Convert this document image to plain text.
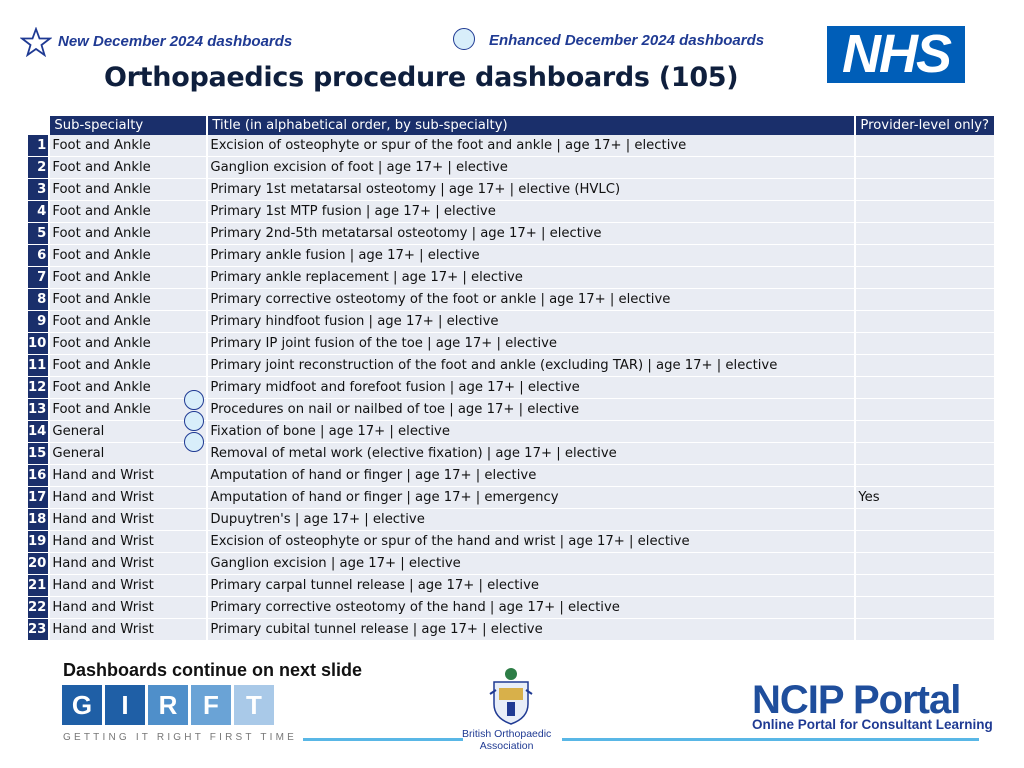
New December 2024 dashboards	Enhanced December 2024 dashboards NHS
Orthopaedics procedure dashboards (105)
	Sub-specialty	Title (in alphabetical order, by sub-specialty)	Provider-level only?
1	Foot and Ankle	Excision of osteophyte or spur of the foot and ankle | age 17+ | elective	
2	Foot and Ankle	Ganglion excision of foot | age 17+ | elective	
3	Foot and Ankle	Primary 1st metatarsal osteotomy | age 17+ | elective (HVLC)	
4	Foot and Ankle	Primary 1st MTP fusion | age 17+ | elective	
5	Foot and Ankle	Primary 2nd-5th metatarsal osteotomy | age 17+ | elective	
6	Foot and Ankle	Primary ankle fusion | age 17+ | elective	
7	Foot and Ankle	Primary ankle replacement | age 17+ | elective	
8	Foot and Ankle	Primary corrective osteotomy of the foot or ankle | age 17+ | elective	
9	Foot and Ankle	Primary hindfoot fusion | age 17+ | elective	
10	Foot and Ankle	Primary IP joint fusion of the toe | age 17+ | elective	
11	Foot and Ankle	Primary joint reconstruction of the foot and ankle (excluding TAR) | age 17+ | elective	
12	Foot and Ankle	Primary midfoot and forefoot fusion | age 17+ | elective	
13	Foot and Ankle	Procedures on nail or nailbed of toe | age 17+ | elective	
14	General	Fixation of bone | age 17+ | elective	
15	General	Removal of metal work (elective fixation) | age 17+ | elective	
16	Hand and Wrist	Amputation of hand or finger | age 17+ | elective	
17	Hand and Wrist	Amputation of hand or finger | age 17+ | emergency	Yes
18	Hand and Wrist	Dupuytren's | age 17+ | elective	
19	Hand and Wrist	Excision of osteophyte or spur of the hand and wrist | age 17+ | elective	
20	Hand and Wrist	Ganglion excision | age 17+ | elective	
21	Hand and Wrist	Primary carpal tunnel release | age 17+ | elective	
22	Hand and Wrist	Primary corrective osteotomy of the hand | age 17+ | elective	
23	Hand and Wrist	Primary cubital tunnel release | age 17+ | elective	
Dashboards continue on next slide
G	I	R F	T
GETTING IT RIGHT FIRST TIME	British Orthopaedic
Association
NCIP Portal
Online Portal for Consultant Learning
